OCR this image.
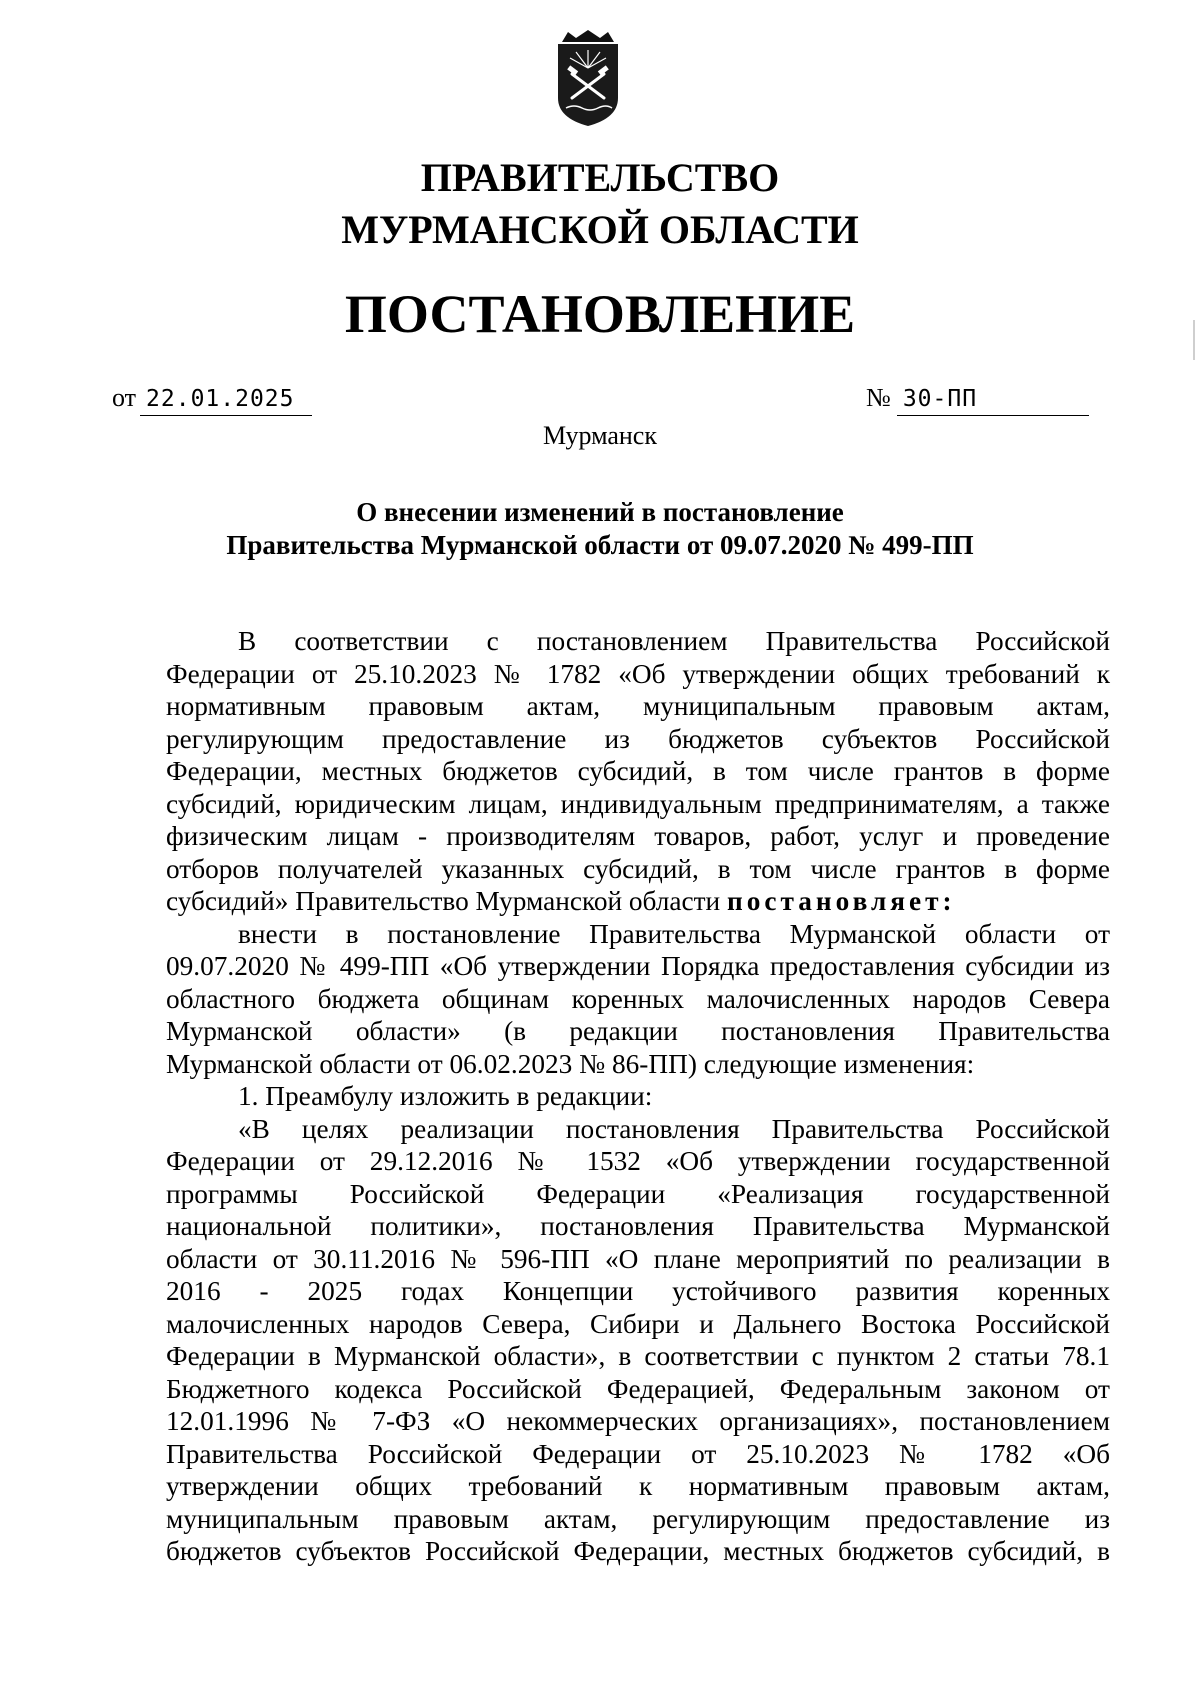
ПРАВИТЕЛЬСТВО
МУРМАНСКОЙ ОБЛАСТИ
ПОСТАНОВЛЕНИЕ
от 22.01.2025	№ 30-ПП
Мурманск
О внесении изменений в постановление
Правительства Мурманской области от 09.07.2020 № 499-ПП
В соответствии с постановлением Правительства Российской
Федерации от 25.10.2023 № 1782 «Об утверждении общих требований к
нормативным правовым актам, муниципальным правовым актам,
регулирующим предоставление из бюджетов субъектов Российской
Федерации, местных бюджетов субсидий, в том числе грантов в форме
субсидий, юридическим лицам, индивидуальным предпринимателям, а также
физическим лицам - производителям товаров, работ, услуг и проведение
отборов получателей указанных субсидий, в том числе грантов в форме
субсидий» Правительство Мурманской области постановляет:
внести в постановление Правительства Мурманской области от
09.07.2020 № 499-ПП «Об утверждении Порядка предоставления субсидии из
областного бюджета общинам коренных малочисленных народов Севера
Мурманской области» (в редакции постановления Правительства
Мурманской области от 06.02.2023 № 86-ПП) следующие изменения:
1. Преамбулу изложить в редакции:
«В целях реализации постановления Правительства Российской
Федерации от 29.12.2016 № 1532 «Об утверждении государственной
программы Российской Федерации «Реализация государственной
национальной политики», постановления Правительства Мурманской
области от 30.11.2016 № 596-ПП «О плане мероприятий по реализации в
2016 - 2025 годах Концепции устойчивого развития коренных
малочисленных народов Севера, Сибири и Дальнего Востока Российской
Федерации в Мурманской области», в соответствии с пунктом 2 статьи 78.1
Бюджетного кодекса Российской Федерацией, Федеральным законом от
12.01.1996 № 7-ФЗ «О некоммерческих организациях», постановлением
Правительства Российской Федерации от 25.10.2023 № 1782 «Об
утверждении общих требований к нормативным правовым актам,
муниципальным правовым актам, регулирующим предоставление из
бюджетов субъектов Российской Федерации, местных бюджетов субсидий, в
